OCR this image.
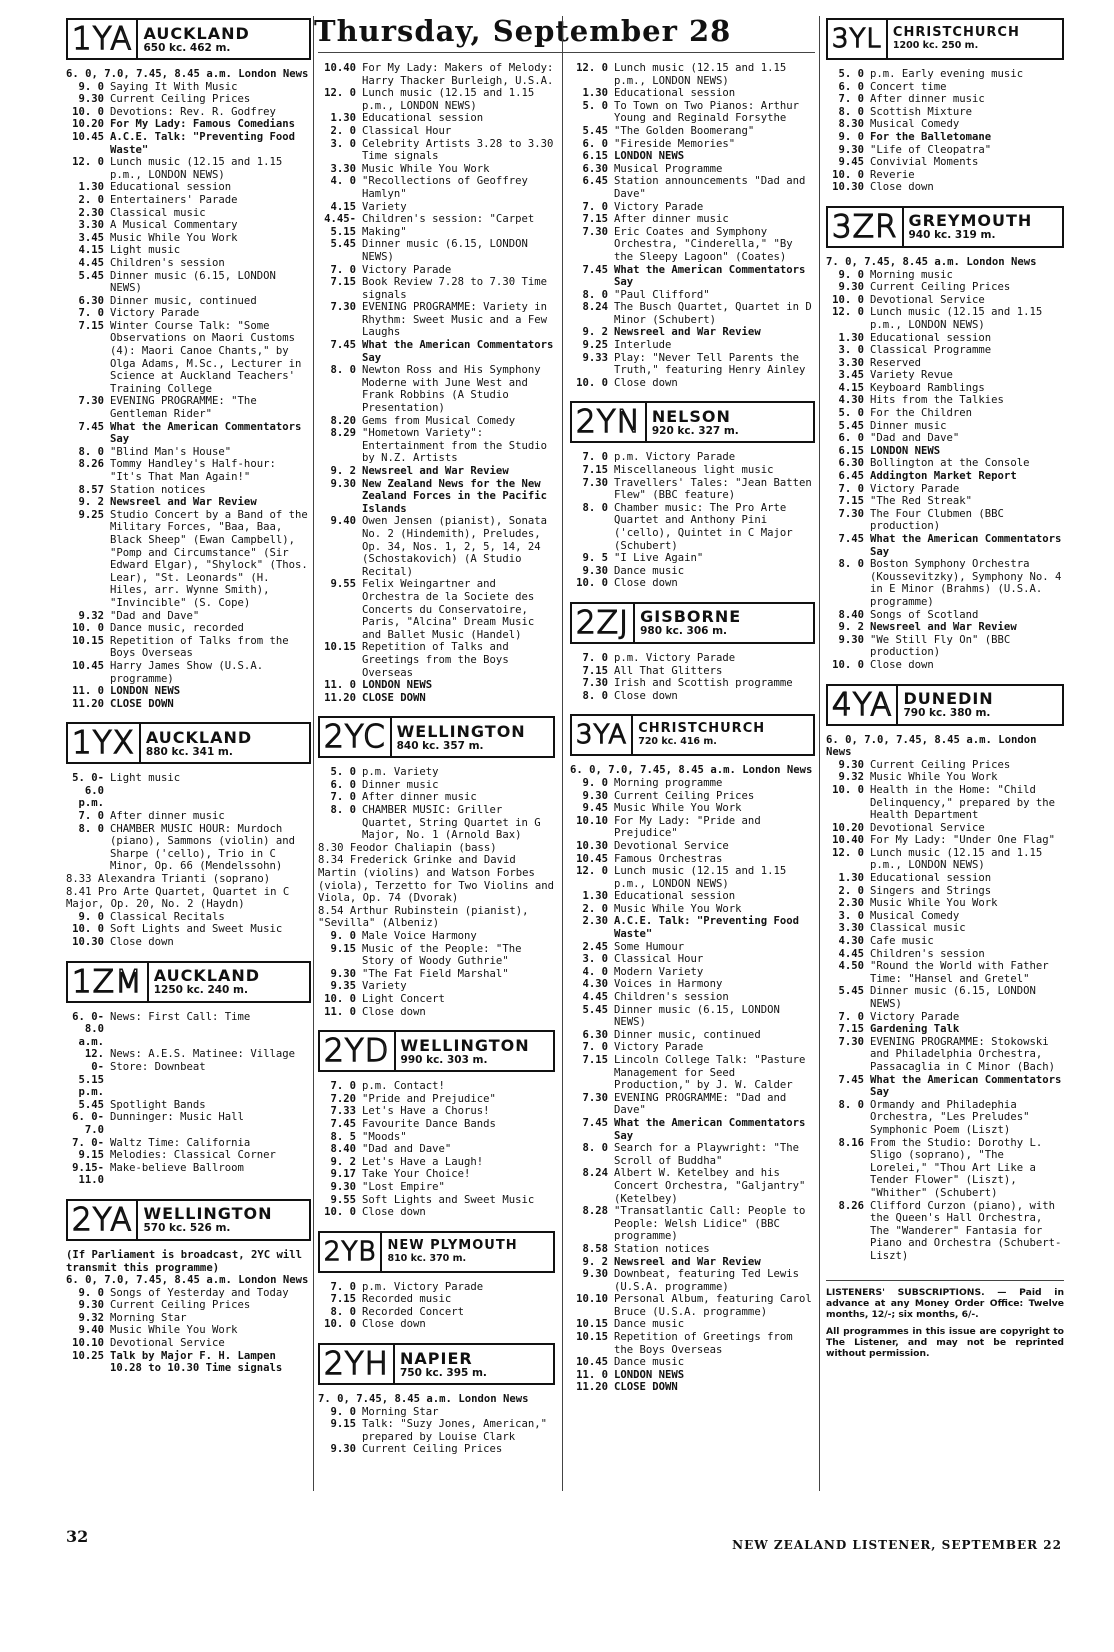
Thursday, September 28
1YA AUCKLAND
650 kc. 462 m.
6. 0, 7.0, 7.45, 8.45 a.m. London News
9. 0 Saying It With Music
9.30 Current Ceiling Prices
10. 0 Devotions: Rev. R. Godfrey
10.20 For My Lady: Famous Comedians
10.45 A.C.E. Talk: "Preventing Food Waste"
12. 0 Lunch music (12.15 and 1.15 p.m., LONDON NEWS)
1.30 Educational session
2. 0 Entertainers' Parade
2.30 Classical music
3.30 A Musical Commentary
3.45 Music While You Work
4.15 Light music
4.45 Children's session
5.45 Dinner music (6.15, LONDON NEWS)
6.30 Dinner music, continued
7. 0 Victory Parade
7.15 Winter Course Talk: "Some Observations on Maori Customs (4): Maori Canoe Chants," by Olga Adams, M.Sc., Lecturer in Science at Auckland Teachers' Training College
7.30 EVENING PROGRAMME: "The Gentleman Rider"
7.45 What the American Commentators Say
8. 0 "Blind Man's House"
8.26 Tommy Handley's Half-hour: "It's That Man Again!"
8.57 Station notices
9. 2 Newsreel and War Review
9.25 Studio Concert by a Band of the Military Forces, "Baa, Baa, Black Sheep" (Ewan Campbell), "Pomp and Circumstance" (Sir Edward Elgar), "Shylock" (Thos. Lear), "St. Leonards" (H. Hiles, arr. Wynne Smith), "Invincible" (S. Cope)
9.32 "Dad and Dave"
10. 0 Dance music, recorded
10.15 Repetition of Talks from the Boys Overseas
10.45 Harry James Show (U.S.A. programme)
11. 0 LONDON NEWS
11.20 CLOSE DOWN
1YX AUCKLAND
880 kc. 341 m.
5. 0-6.0 p.m.
Light music
7. 0 After dinner music
8. 0 CHAMBER MUSIC HOUR: Murdoch (piano), Sammons (violin) and Sharpe ('cello), Trio in C Minor, Op. 66 (Mendelssohn)
8.33 Alexandra Trianti (soprano)
8.41 Pro Arte Quartet, Quartet in C Major, Op. 20, No. 2 (Haydn)
9. 0 Classical Recitals
10. 0 Soft Lights and Sweet Music
10.30 Close down
1ZM AUCKLAND
1250 kc. 240 m.
6. 0-8.0 a.m.
News: First Call: Time
12. 0-5.15 p.m.
News: A.E.S. Matinee: Village Store: Downbeat
5.45 Spotlight Bands
6. 0-7.0
Dunninger: Music Hall
7. 0-9.15
Waltz Time: California Melodies: Classical Corner
9.15-11.0
Make-believe Ballroom
2YA WELLINGTON
570 kc. 526 m.
(If Parliament is broadcast, 2YC will transmit this programme)
6. 0, 7.0, 7.45, 8.45 a.m. London News
9. 0 Songs of Yesterday and Today
9.30 Current Ceiling Prices
9.32 Morning Star
9.40 Music While You Work
10.10 Devotional Service
10.25 Talk by Major F. H. Lampen 10.28 to 10.30 Time signals
10.40 For My Lady: Makers of Melody: Harry Thacker Burleigh, U.S.A.
12. 0 Lunch music (12.15 and 1.15 p.m., LONDON NEWS)
1.30 Educational session
2. 0 Classical Hour
3. 0 Celebrity Artists 3.28 to 3.30 Time signals
3.30 Music While You Work
4. 0 "Recollections of Geoffrey Hamlyn"
4.15 Variety
4.45-5.15
Children's session: "Carpet Making"
5.45 Dinner music (6.15, LONDON NEWS)
7. 0 Victory Parade
7.15 Book Review 7.28 to 7.30 Time signals
7.30 EVENING PROGRAMME: Variety in Rhythm: Sweet Music and a Few Laughs
7.45 What the American Commentators Say
8. 0 Newton Ross and His Symphony Moderne with June West and Frank Robbins (A Studio Presentation)
8.20 Gems from Musical Comedy
8.29 "Hometown Variety": Entertainment from the Studio by N.Z. Artists
9. 2 Newsreel and War Review
9.30 New Zealand News for the New Zealand Forces in the Pacific Islands
9.40 Owen Jensen (pianist), Sonata No. 2 (Hindemith), Preludes, Op. 34, Nos. 1, 2, 5, 14, 24 (Schostakovich) (A Studio Recital)
9.55 Felix Weingartner and Orchestra de la Societe des Concerts du Conservatoire, Paris, "Alcina" Dream Music and Ballet Music (Handel)
10.15 Repetition of Talks and Greetings from the Boys Overseas
11. 0 LONDON NEWS
11.20 CLOSE DOWN
2YC WELLINGTON
840 kc. 357 m.
5. 0 p.m. Variety
6. 0 Dinner music
7. 0 After dinner music
8. 0 CHAMBER MUSIC: Griller Quartet, String Quartet in G Major, No. 1 (Arnold Bax)
8.30 Feodor Chaliapin (bass)
8.34 Frederick Grinke and David Martin (violins) and Watson Forbes (viola), Terzetto for Two Violins and Viola, Op. 74 (Dvorak)
8.54 Arthur Rubinstein (pianist), "Sevilla" (Albeniz)
9. 0 Male Voice Harmony
9.15 Music of the People: "The Story of Woody Guthrie"
9.30 "The Fat Field Marshal"
9.35 Variety
10. 0 Light Concert
11. 0 Close down
2YD WELLINGTON
990 kc. 303 m.
7. 0 p.m. Contact!
7.20 "Pride and Prejudice"
7.33 Let's Have a Chorus!
7.45 Favourite Dance Bands
8. 5 "Moods"
8.40 "Dad and Dave"
9. 2 Let's Have a Laugh!
9.17 Take Your Choice!
9.30 "Lost Empire"
9.55 Soft Lights and Sweet Music
10. 0 Close down
2YB NEW PLYMOUTH
810 kc. 370 m.
7. 0 p.m. Victory Parade
7.15 Recorded music
8. 0 Recorded Concert
10. 0 Close down
2YH NAPIER
750 kc. 395 m.
7. 0, 7.45, 8.45 a.m. London News
9. 0 Morning Star
9.15 Talk: "Suzy Jones, American," prepared by Louise Clark
9.30 Current Ceiling Prices
12. 0 Lunch music (12.15 and 1.15 p.m., LONDON NEWS)
1.30 Educational session
5. 0 To Town on Two Pianos: Arthur Young and Reginald Forsythe
5.45 "The Golden Boomerang"
6. 0 "Fireside Memories"
6.15 LONDON NEWS
6.30 Musical Programme
6.45 Station announcements "Dad and Dave"
7. 0 Victory Parade
7.15 After dinner music
7.30 Eric Coates and Symphony Orchestra, "Cinderella," "By the Sleepy Lagoon" (Coates)
7.45 What the American Commentators Say
8. 0 "Paul Clifford"
8.24 The Busch Quartet, Quartet in D Minor (Schubert)
9. 2 Newsreel and War Review
9.25 Interlude
9.33 Play: "Never Tell Parents the Truth," featuring Henry Ainley
10. 0 Close down
2YN NELSON
920 kc. 327 m.
7. 0 p.m. Victory Parade
7.15 Miscellaneous light music
7.30 Travellers' Tales: "Jean Batten Flew" (BBC feature)
8. 0 Chamber music: The Pro Arte Quartet and Anthony Pini ('cello), Quintet in C Major (Schubert)
9. 5 "I Live Again"
9.30 Dance music
10. 0 Close down
2ZJ GISBORNE
980 kc. 306 m.
7. 0 p.m. Victory Parade
7.15 All That Glitters
7.30 Irish and Scottish programme
8. 0 Close down
3YA CHRISTCHURCH
720 kc. 416 m.
6. 0, 7.0, 7.45, 8.45 a.m. London News
9. 0 Morning programme
9.30 Current Ceiling Prices
9.45 Music While You Work
10.10 For My Lady: "Pride and Prejudice"
10.30 Devotional Service
10.45 Famous Orchestras
12. 0 Lunch music (12.15 and 1.15 p.m., LONDON NEWS)
1.30 Educational session
2. 0 Music While You Work
2.30 A.C.E. Talk: "Preventing Food Waste"
2.45 Some Humour
3. 0 Classical Hour
4. 0 Modern Variety
4.30 Voices in Harmony
4.45 Children's session
5.45 Dinner music (6.15, LONDON NEWS)
6.30 Dinner music, continued
7. 0 Victory Parade
7.15 Lincoln College Talk: "Pasture Management for Seed Production," by J. W. Calder
7.30 EVENING PROGRAMME: "Dad and Dave"
7.45 What the American Commentators Say
8. 0 Search for a Playwright: "The Scroll of Buddha"
8.24 Albert W. Ketelbey and his Concert Orchestra, "Galjantry" (Ketelbey)
8.28 "Transatlantic Call: People to People: Welsh Lidice" (BBC programme)
8.58 Station notices
9. 2 Newsreel and War Review
9.30 Downbeat, featuring Ted Lewis (U.S.A. programme)
10.10 Personal Album, featuring Carol Bruce (U.S.A. programme)
10.15 Dance music
10.15 Repetition of Greetings from the Boys Overseas
10.45 Dance music
11. 0 LONDON NEWS
11.20 CLOSE DOWN
3YL CHRISTCHURCH
1200 kc. 250 m.
5. 0 p.m. Early evening music
6. 0 Concert time
7. 0 After dinner music
8. 0 Scottish Mixture
8.30 Musical Comedy
9. 0 For the Balletomane
9.30 "Life of Cleopatra"
9.45 Convivial Moments
10. 0 Reverie
10.30 Close down
3ZR GREYMOUTH
940 kc. 319 m.
7. 0, 7.45, 8.45 a.m. London News
9. 0 Morning music
9.30 Current Ceiling Prices
10. 0 Devotional Service
12. 0 Lunch music (12.15 and 1.15 p.m., LONDON NEWS)
1.30 Educational session
3. 0 Classical Programme
3.30 Reserved
3.45 Variety Revue
4.15 Keyboard Ramblings
4.30 Hits from the Talkies
5. 0 For the Children
5.45 Dinner music
6. 0 "Dad and Dave"
6.15 LONDON NEWS
6.30 Bollington at the Console
6.45 Addington Market Report
7. 0 Victory Parade
7.15 "The Red Streak"
7.30 The Four Clubmen (BBC production)
7.45 What the American Commentators Say
8. 0 Boston Symphony Orchestra (Koussevitzky), Symphony No. 4 in E Minor (Brahms) (U.S.A. programme)
8.40 Songs of Scotland
9. 2 Newsreel and War Review
9.30 "We Still Fly On" (BBC production)
10. 0 Close down
4YA DUNEDIN
790 kc. 380 m.
6. 0, 7.0, 7.45, 8.45 a.m. London News
9.30 Current Ceiling Prices
9.32 Music While You Work
10. 0 Health in the Home: "Child Delinquency," prepared by the Health Department
10.20 Devotional Service
10.40 For My Lady: "Under One Flag"
12. 0 Lunch music (12.15 and 1.15 p.m., LONDON NEWS)
1.30 Educational session
2. 0 Singers and Strings
2.30 Music While You Work
3. 0 Musical Comedy
3.30 Classical music
4.30 Cafe music
4.45 Children's session
4.50 "Round the World with Father Time: "Hansel and Gretel"
5.45 Dinner music (6.15, LONDON NEWS)
7. 0 Victory Parade
7.15 Gardening Talk
7.30 EVENING PROGRAMME: Stokowski and Philadelphia Orchestra, Passacaglia in C Minor (Bach)
7.45 What the American Commentators Say
8. 0 Ormandy and Philadephia Orchestra, "Les Preludes" Symphonic Poem (Liszt)
8.16 From the Studio: Dorothy L. Sligo (soprano), "The Lorelei," "Thou Art Like a Tender Flower" (Liszt), "Whither" (Schubert)
8.26 Clifford Curzon (piano), with the Queen's Hall Orchestra, The "Wanderer" Fantasia for Piano and Orchestra (Schubert-Liszt)

LISTENERS' SUBSCRIPTIONS. — Paid in advance at any Money Order Office: Twelve months, 12/-; six months, 6/-.

All programmes in this issue are copyright to The Listener, and may not be reprinted without permission.

32	NEW ZEALAND LISTENER, SEPTEMBER 22
